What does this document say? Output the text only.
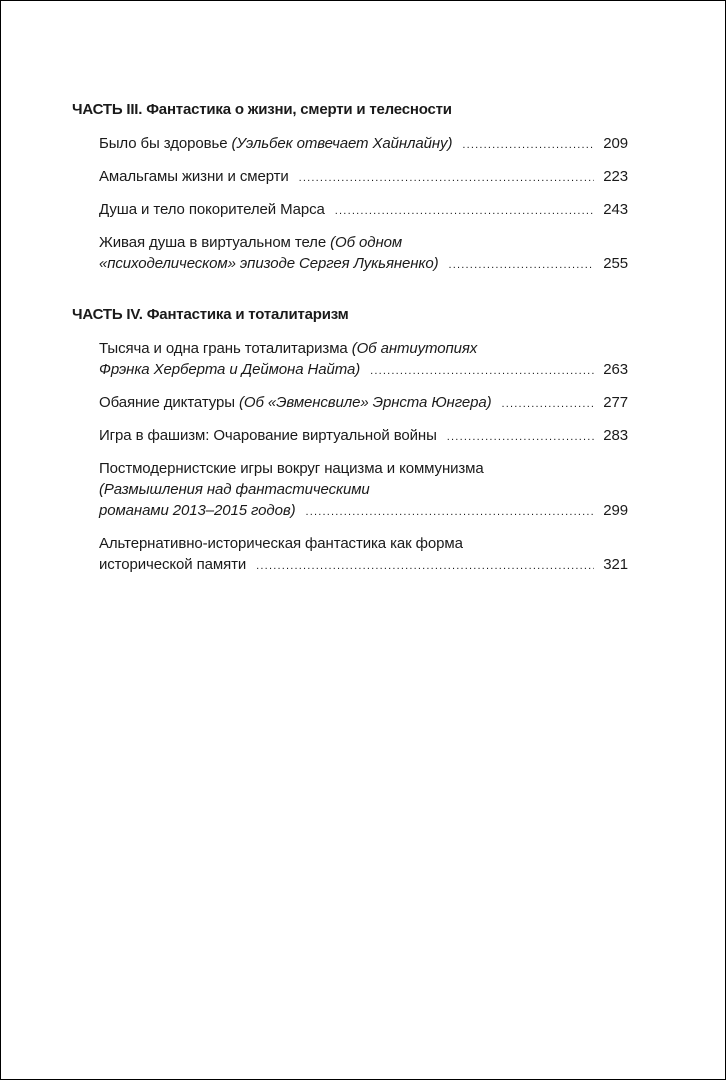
ЧАСТЬ III. Фантастика о жизни, смерти и телесности
Было бы здоровье (Уэльбек отвечает Хайнлайну) .....	209
Амальгамы жизни и смерти .....	223
Душа и тело покорителей Марса .....	243
Живая душа в виртуальном теле (Об одном
«психоделическом» эпизоде Сергея Лукьяненко) .....	255
ЧАСТЬ IV. Фантастика и тоталитаризм
Тысяча и одна грань тоталитаризма (Об антиутопиях
Фрэнка Херберта и Деймона Найта) .....	263
Обаяние диктатуры (Об «Эвменсвиле» Эрнста Юнгера) .....	277
Игра в фашизм: Очарование виртуальной войны .....	283
Постмодернистские игры вокруг нацизма и коммунизма
(Размышления над фантастическими
романами 2013–2015 годов) .....	299
Альтернативно-историческая фантастика как форма
исторической памяти .....	321
